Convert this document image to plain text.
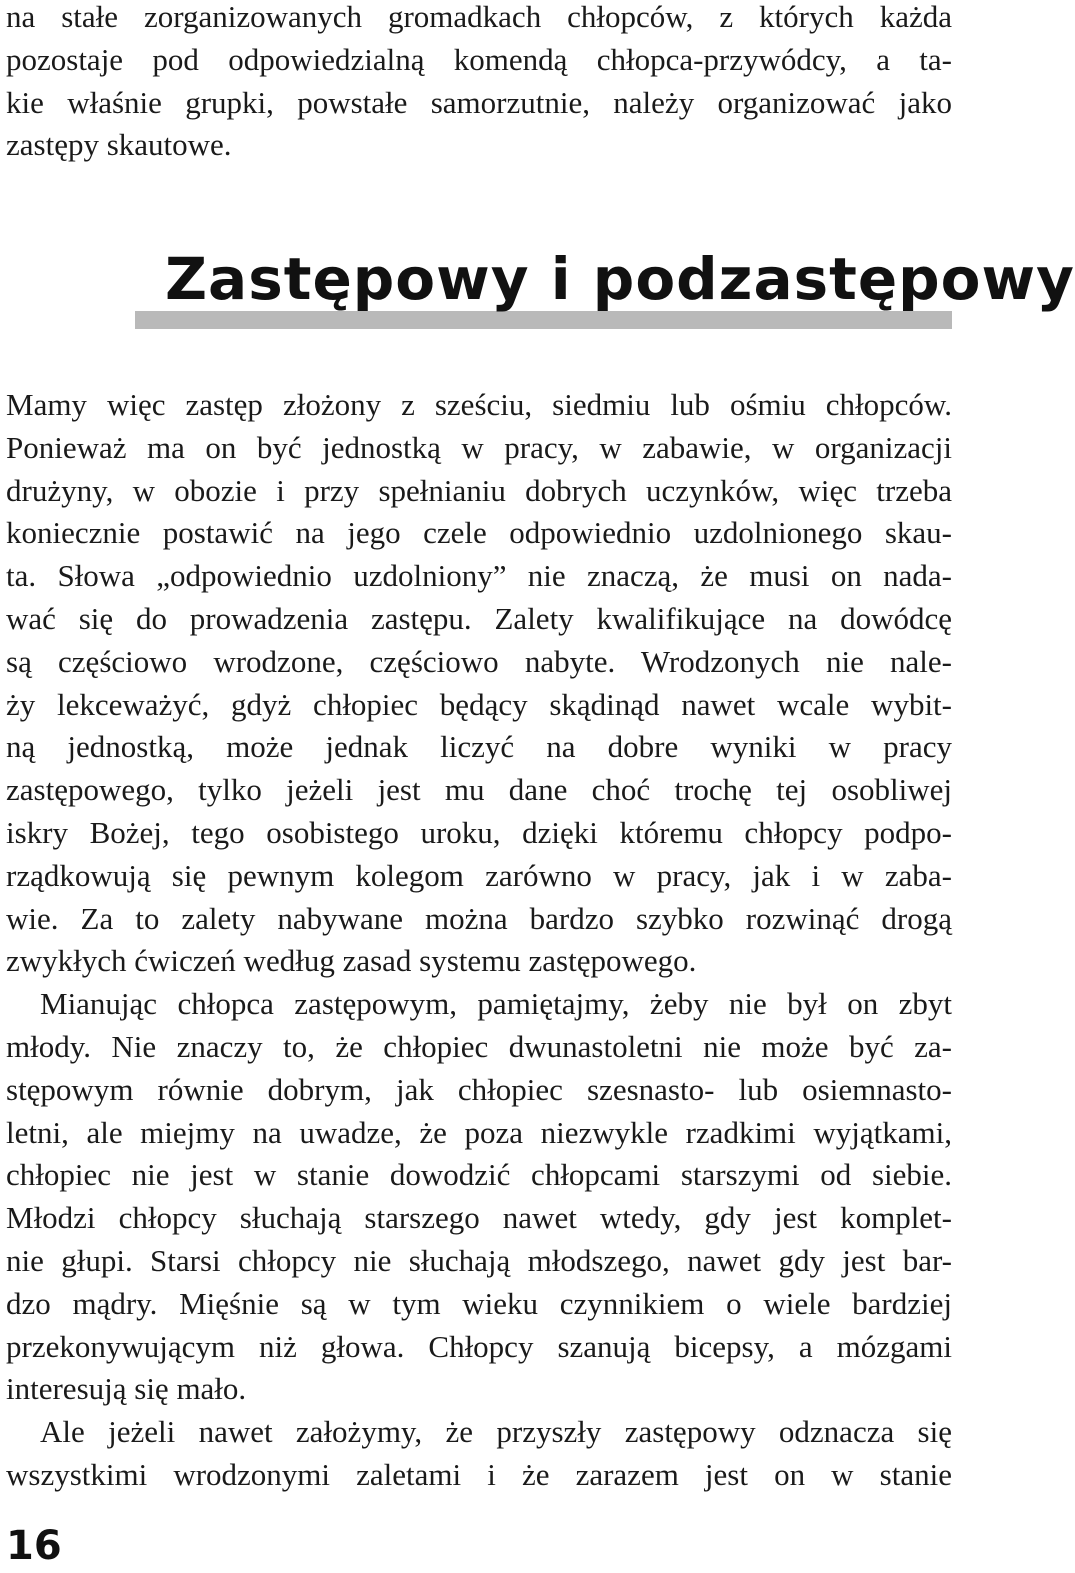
na stałe zorganizowanych gromadkach chłopców, z których każda
pozostaje pod odpowiedzialną komendą chłopca-przywódcy, a ta-
kie właśnie grupki, powstałe samorzutnie, należy organizować jako
zastępy skautowe.
Zastępowy i podzastępowy
Mamy więc zastęp złożony z sześciu, siedmiu lub ośmiu chłopców.
Ponieważ ma on być jednostką w pracy, w zabawie, w organizacji
drużyny, w obozie i przy spełnianiu dobrych uczynków, więc trzeba
koniecznie postawić na jego czele odpowiednio uzdolnionego skau-
ta. Słowa „odpowiednio uzdolniony” nie znaczą, że musi on nada-
wać się do prowadzenia zastępu. Zalety kwalifikujące na dowódcę
są częściowo wrodzone, częściowo nabyte. Wrodzonych nie nale-
ży lekceważyć, gdyż chłopiec będący skądinąd nawet wcale wybit-
ną jednostką, może jednak liczyć na dobre wyniki w pracy
zastępowego, tylko jeżeli jest mu dane choć trochę tej osobliwej
iskry Bożej, tego osobistego uroku, dzięki któremu chłopcy podpo-
rządkowują się pewnym kolegom zarówno w pracy, jak i w zaba-
wie. Za to zalety nabywane można bardzo szybko rozwinąć drogą
zwykłych ćwiczeń według zasad systemu zastępowego.
Mianując chłopca zastępowym, pamiętajmy, żeby nie był on zbyt
młody. Nie znaczy to, że chłopiec dwunastoletni nie może być za-
stępowym równie dobrym, jak chłopiec szesnasto- lub osiemnasto-
letni, ale miejmy na uwadze, że poza niezwykle rzadkimi wyjątkami,
chłopiec nie jest w stanie dowodzić chłopcami starszymi od siebie.
Młodzi chłopcy słuchają starszego nawet wtedy, gdy jest komplet-
nie głupi. Starsi chłopcy nie słuchają młodszego, nawet gdy jest bar-
dzo mądry. Mięśnie są w tym wieku czynnikiem o wiele bardziej
przekonywującym niż głowa. Chłopcy szanują bicepsy, a mózgami
interesują się mało.
Ale jeżeli nawet założymy, że przyszły zastępowy odznacza się
wszystkimi wrodzonymi zaletami i że zarazem jest on w stanie
16
